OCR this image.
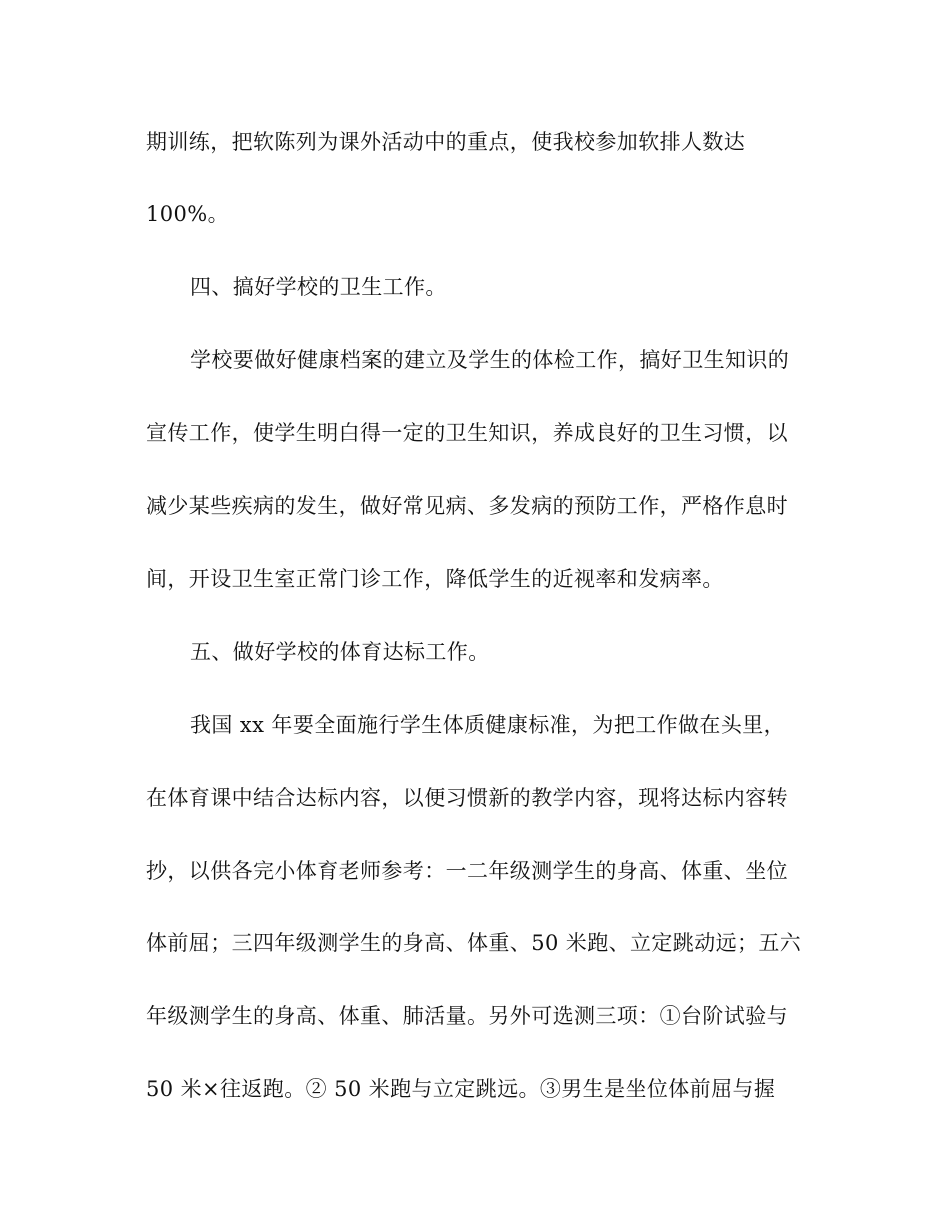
期训练，把软陈列为课外活动中的重点，使我校参加软排人数达
100%。
四、搞好学校的卫生工作。
学校要做好健康档案的建立及学生的体检工作，搞好卫生知识的
宣传工作，使学生明白得一定的卫生知识，养成良好的卫生习惯，以
减少某些疾病的发生，做好常见病、多发病的预防工作，严格作息时
间，开设卫生室正常门诊工作，降低学生的近视率和发病率。
五、做好学校的体育达标工作。
我国 xx 年要全面施行学生体质健康标准，为把工作做在头里，
在体育课中结合达标内容，以便习惯新的教学内容，现将达标内容转
抄，以供各完小体育老师参考：一二年级测学生的身高、体重、坐位
体前屈；三四年级测学生的身高、体重、50 米跑、立定跳动远；五六
年级测学生的身高、体重、肺活量。另外可选测三项：①台阶试验与
50 米×往返跑。② 50 米跑与立定跳远。③男生是坐位体前屈与握
